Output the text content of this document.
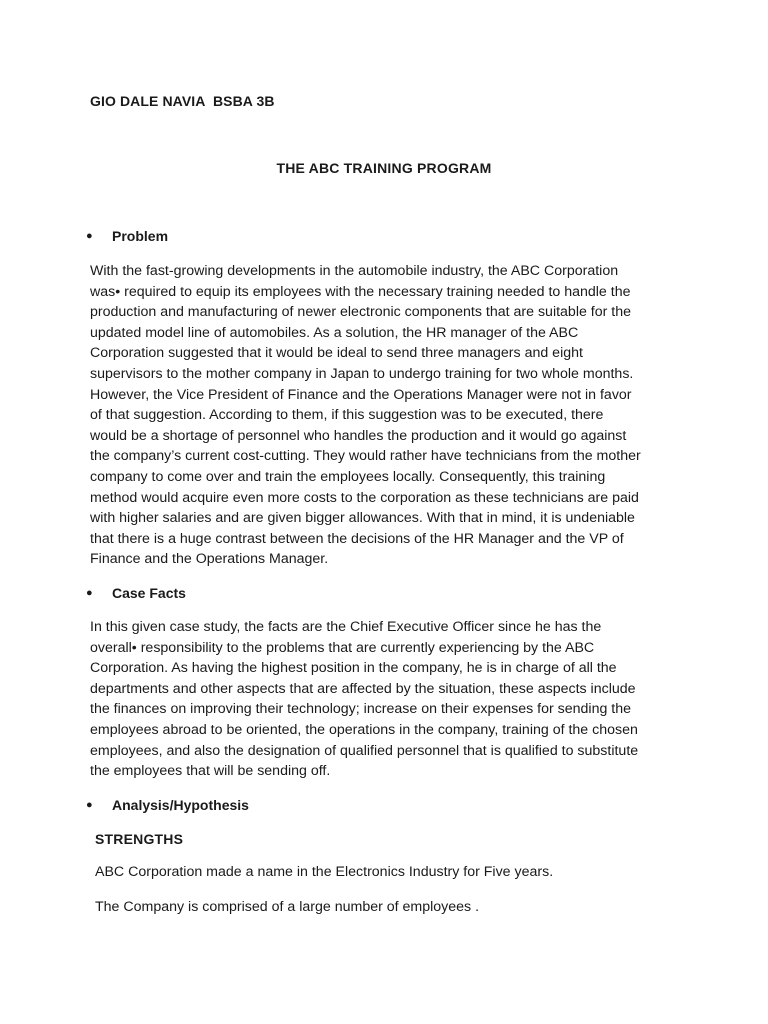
GIO DALE NAVIA  BSBA 3B
THE ABC TRAINING PROGRAM
● Problem
With the fast-growing developments in the automobile industry, the ABC Corporation
was• required to equip its employees with the necessary training needed to handle the
production and manufacturing of newer electronic components that are suitable for the
updated model line of automobiles. As a solution, the HR manager of the ABC
Corporation suggested that it would be ideal to send three managers and eight
supervisors to the mother company in Japan to undergo training for two whole months.
However, the Vice President of Finance and the Operations Manager were not in favor
of that suggestion. According to them, if this suggestion was to be executed, there
would be a shortage of personnel who handles the production and it would go against
the company’s current cost-cutting. They would rather have technicians from the mother
company to come over and train the employees locally. Consequently, this training
method would acquire even more costs to the corporation as these technicians are paid
with higher salaries and are given bigger allowances. With that in mind, it is undeniable
that there is a huge contrast between the decisions of the HR Manager and the VP of
Finance and the Operations Manager.
● Case Facts
In this given case study, the facts are the Chief Executive Officer since he has the
overall• responsibility to the problems that are currently experiencing by the ABC
Corporation. As having the highest position in the company, he is in charge of all the
departments and other aspects that are affected by the situation, these aspects include
the finances on improving their technology; increase on their expenses for sending the
employees abroad to be oriented, the operations in the company, training of the chosen
employees, and also the designation of qualified personnel that is qualified to substitute
the employees that will be sending off.
● Analysis/Hypothesis
STRENGTHS
ABC Corporation made a name in the Electronics Industry for Five years.
The Company is comprised of a large number of employees .
